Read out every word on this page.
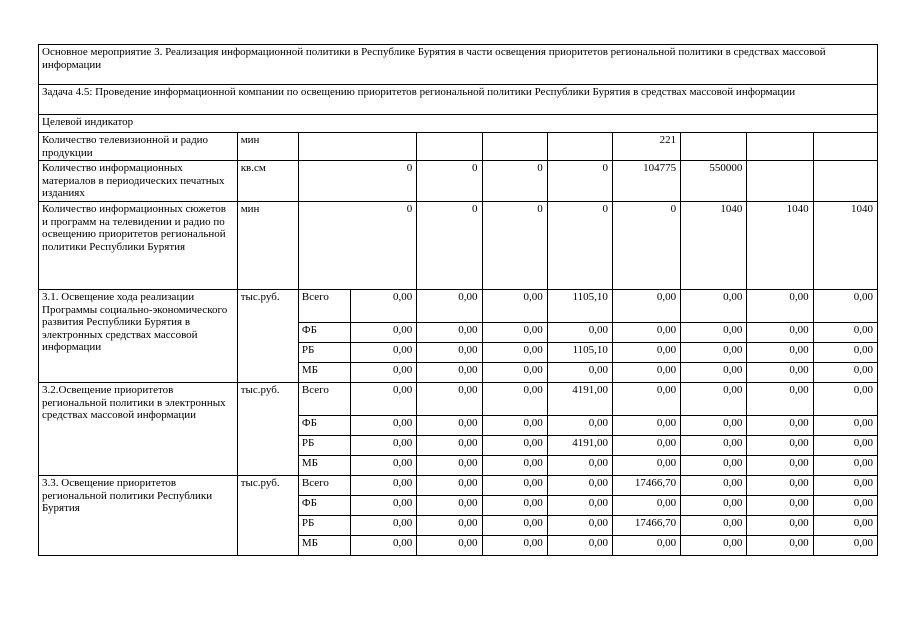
Основное мероприятие 3. Реализация информационной политики в Республике Бурятия в части освещения приоритетов региональной политики в средствах массовой информации										
Задача 4.5: Проведение информационной компании по освещению приоритетов региональной политики Республики Бурятия в средствах массовой информации										
Целевой индикатор										
Количество телевизионной и радио продукции	мин						221			
Количество информационных материалов в периодических печатных изданиях	кв.см	0		0	0	0	104775	550000		
Количество информационных сюжетов и программ на телевидении и радио по освещению приоритетов региональной политики Республики Бурятия	мин	0		0	0	0	0	1040	1040	1040
3.1. Освещение хода реализации Программы социально-экономического развития Республики Бурятия в электронных средствах массовой информации	тыс.руб.	Всего	0,00	0,00	0,00	1105,10	0,00	0,00	0,00	0,00
		ФБ	0,00	0,00	0,00	0,00	0,00	0,00	0,00	0,00
		РБ	0,00	0,00	0,00	1105,10	0,00	0,00	0,00	0,00
		МБ	0,00	0,00	0,00	0,00	0,00	0,00	0,00	0,00
3.2.Освещение приоритетов региональной политики в электронных средствах массовой информации	тыс.руб.	Всего	0,00	0,00	0,00	4191,00	0,00	0,00	0,00	0,00
		ФБ	0,00	0,00	0,00	0,00	0,00	0,00	0,00	0,00
		РБ	0,00	0,00	0,00	4191,00	0,00	0,00	0,00	0,00
		МБ	0,00	0,00	0,00	0,00	0,00	0,00	0,00	0,00
3.3. Освещение приоритетов региональной политики Республики Бурятия	тыс.руб.	Всего	0,00	0,00	0,00	0,00	17466,70	0,00	0,00	0,00
		ФБ	0,00	0,00	0,00	0,00	0,00	0,00	0,00	0,00
		РБ	0,00	0,00	0,00	0,00	17466,70	0,00	0,00	0,00
		МБ	0,00	0,00	0,00	0,00	0,00	0,00	0,00	0,00
